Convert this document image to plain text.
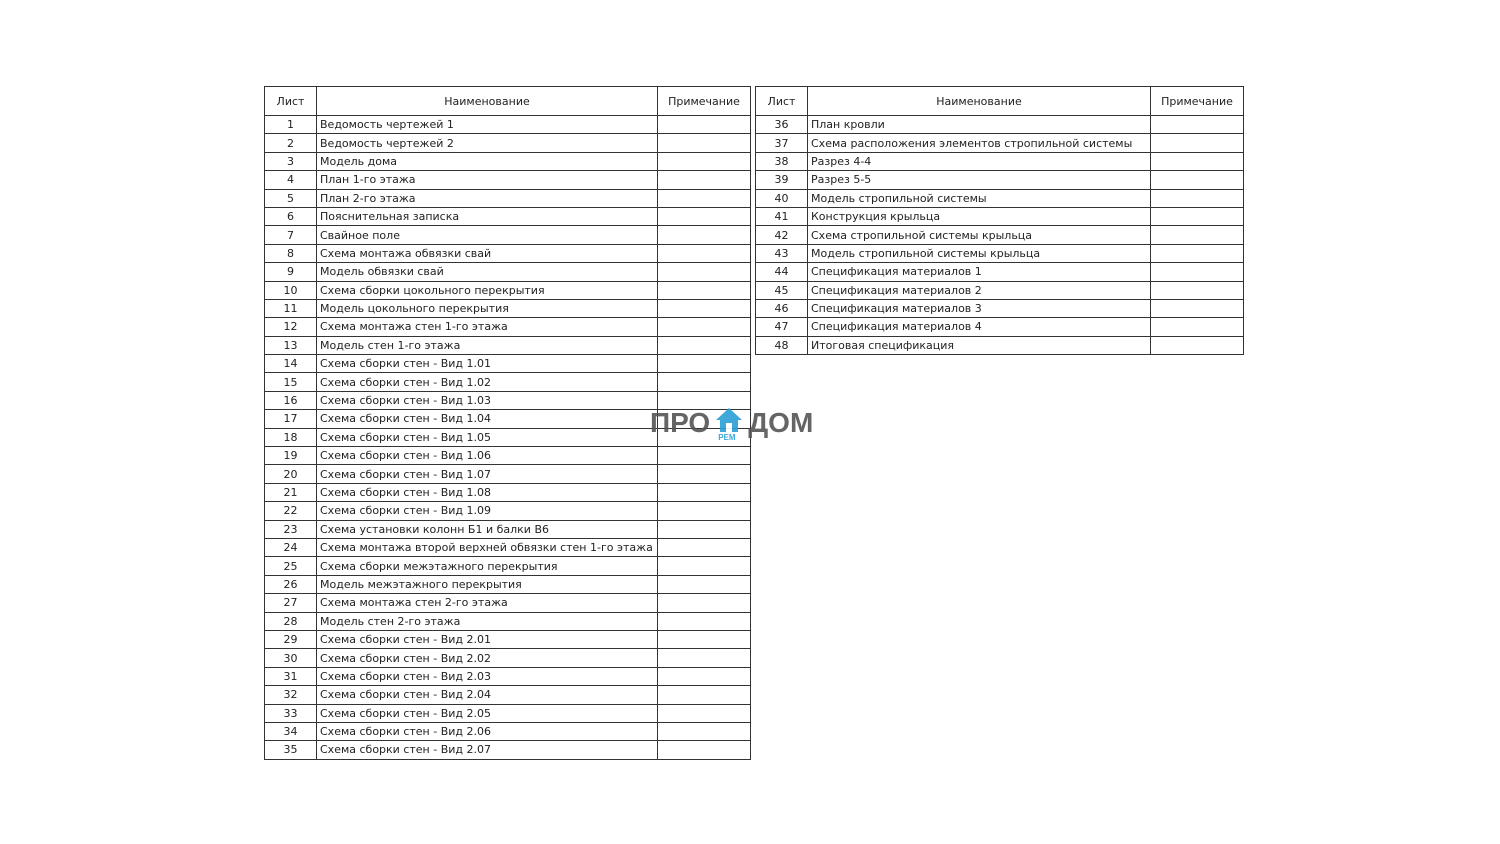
Лист	Наименование	Примечание
1	Ведомость чертежей 1	
2	Ведомость чертежей 2	
3	Модель дома	
4	План 1-го этажа	
5	План 2-го этажа	
6	Пояснительная записка	
7	Свайное поле	
8	Схема монтажа обвязки свай	
9	Модель обвязки свай	
10	Схема сборки цокольного перекрытия	
11	Модель цокольного перекрытия	
12	Схема монтажа стен 1-го этажа	
13	Модель стен 1-го этажа	
14	Схема сборки стен - Вид 1.01	
15	Схема сборки стен - Вид 1.02	
16	Схема сборки стен - Вид 1.03	
17	Схема сборки стен - Вид 1.04	
18	Схема сборки стен - Вид 1.05	
19	Схема сборки стен - Вид 1.06	
20	Схема сборки стен - Вид 1.07	
21	Схема сборки стен - Вид 1.08	
22	Схема сборки стен - Вид 1.09	
23	Схема установки колонн Б1 и балки В6	
24	Схема монтажа второй верхней обвязки стен 1-го этажа	
25	Схема сборки межэтажного перекрытия	
26	Модель межэтажного перекрытия	
27	Схема монтажа стен 2-го этажа	
28	Модель стен 2-го этажа	
29	Схема сборки стен - Вид 2.01	
30	Схема сборки стен - Вид 2.02	
31	Схема сборки стен - Вид 2.03	
32	Схема сборки стен - Вид 2.04	
33	Схема сборки стен - Вид 2.05	
34	Схема сборки стен - Вид 2.06	
35	Схема сборки стен - Вид 2.07	
Лист	Наименование	Примечание
36	План кровли	
37	Схема расположения элементов стропильной системы	
38	Разрез 4-4	
39	Разрез 5-5	
40	Модель стропильной системы	
41	Конструкция крыльца	
42	Схема стропильной системы крыльца	
43	Модель стропильной системы крыльца	
44	Спецификация материалов 1	
45	Спецификация материалов 2	
46	Спецификация материалов 3	
47	Спецификация материалов 4	
48	Итоговая спецификация	
ПРО РЕМ ДОМ
